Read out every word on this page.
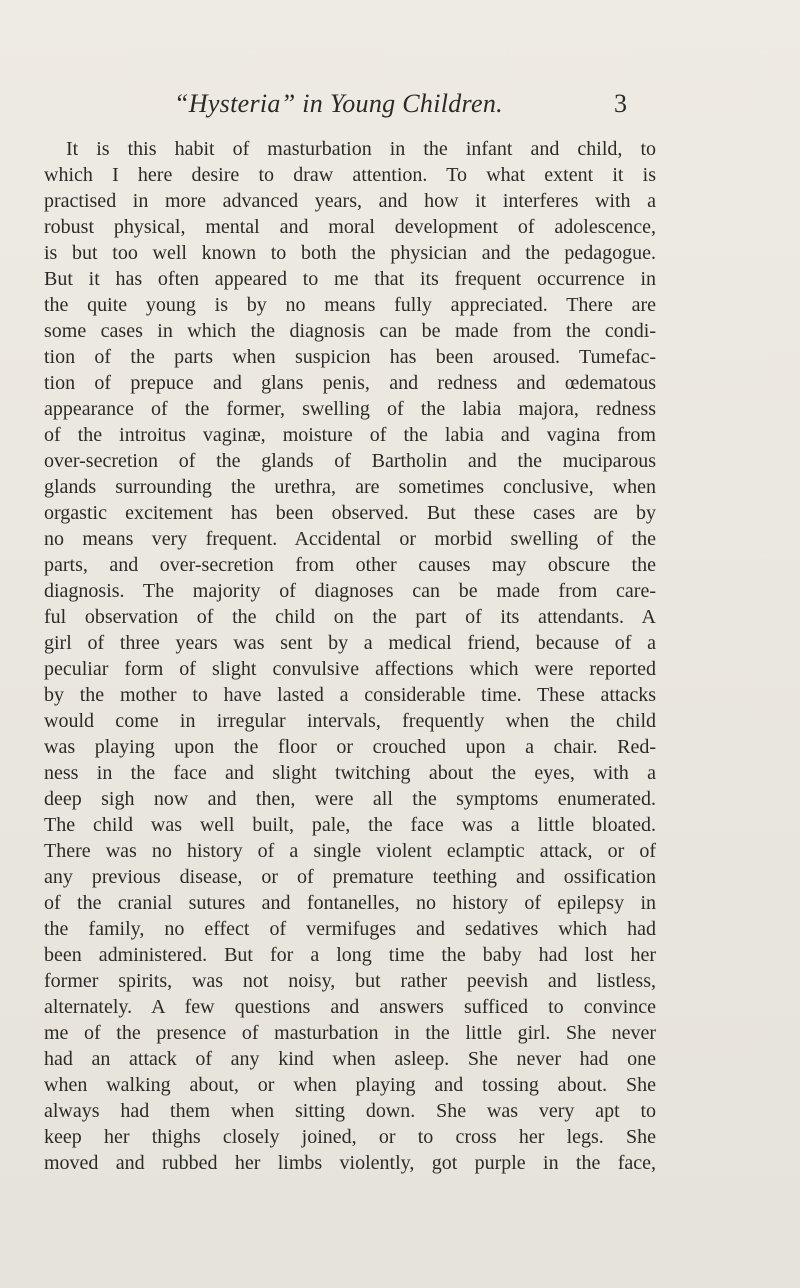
“Hysteria” in Young Children.	3
It is this habit of masturbation in the infant and child, to
which I here desire to draw attention. To what extent it is
practised in more advanced years, and how it interferes with a
robust physical, mental and moral development of adolescence,
is but too well known to both the physician and the pedagogue.
But it has often appeared to me that its frequent occurrence in
the quite young is by no means fully appreciated. There are
some cases in which the diagnosis can be made from the condi-
tion of the parts when suspicion has been aroused. Tumefac-
tion of prepuce and glans penis, and redness and œdematous
appearance of the former, swelling of the labia majora, redness
of the introitus vaginæ, moisture of the labia and vagina from
over-secretion of the glands of Bartholin and the muciparous
glands surrounding the urethra, are sometimes conclusive, when
orgastic excitement has been observed. But these cases are by
no means very frequent. Accidental or morbid swelling of the
parts, and over-secretion from other causes may obscure the
diagnosis. The majority of diagnoses can be made from care-
ful observation of the child on the part of its attendants. A
girl of three years was sent by a medical friend, because of a
peculiar form of slight convulsive affections which were reported
by the mother to have lasted a considerable time. These attacks
would come in irregular intervals, frequently when the child
was playing upon the floor or crouched upon a chair. Red-
ness in the face and slight twitching about the eyes, with a
deep sigh now and then, were all the symptoms enumerated.
The child was well built, pale, the face was a little bloated.
There was no history of a single violent eclamptic attack, or of
any previous disease, or of premature teething and ossification
of the cranial sutures and fontanelles, no history of epilepsy in
the family, no effect of vermifuges and sedatives which had
been administered. But for a long time the baby had lost her
former spirits, was not noisy, but rather peevish and listless,
alternately. A few questions and answers sufficed to convince
me of the presence of masturbation in the little girl. She never
had an attack of any kind when asleep. She never had one
when walking about, or when playing and tossing about. She
always had them when sitting down. She was very apt to
keep her thighs closely joined, or to cross her legs. She
moved and rubbed her limbs violently, got purple in the face,
